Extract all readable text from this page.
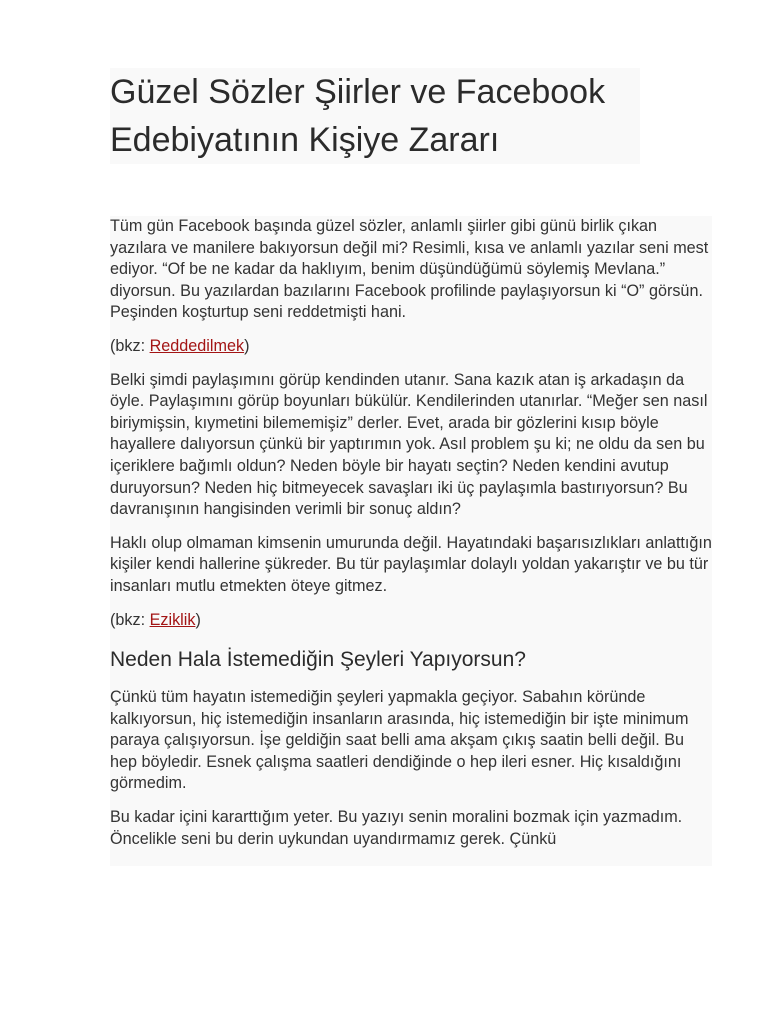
Güzel Sözler Şiirler ve Facebook Edebiyatının Kişiye Zararı

Tüm gün Facebook başında güzel sözler, anlamlı şiirler gibi günü birlik çıkan yazılara ve manilere bakıyorsun değil mi? Resimli, kısa ve anlamlı yazılar seni mest ediyor. “Of be ne kadar da haklıyım, benim düşündüğümü söylemiş Mevlana.” diyorsun. Bu yazılardan bazılarını Facebook profilinde paylaşıyorsun ki “O” görsün. Peşinden koşturtup seni reddetmişti hani.

(bkz: Reddedilmek)

Belki şimdi paylaşımını görüp kendinden utanır. Sana kazık atan iş arkadaşın da öyle. Paylaşımını görüp boyunları bükülür. Kendilerinden utanırlar. “Meğer sen nasıl biriymişsin, kıymetini bilememişiz” derler. Evet, arada bir gözlerini kısıp böyle hayallere dalıyorsun çünkü bir yaptırımın yok. Asıl problem şu ki; ne oldu da sen bu içeriklere bağımlı oldun? Neden böyle bir hayatı seçtin? Neden kendini avutup duruyorsun? Neden hiç bitmeyecek savaşları iki üç paylaşımla bastırıyorsun? Bu davranışının hangisinden verimli bir sonuç aldın?

Haklı olup olmaman kimsenin umurunda değil. Hayatındaki başarısızlıkları anlattığın kişiler kendi hallerine şükreder. Bu tür paylaşımlar dolaylı yoldan yakarıştır ve bu tür insanları mutlu etmekten öteye gitmez.

(bkz: Eziklik)

Neden Hala İstemediğin Şeyleri Yapıyorsun?

Çünkü tüm hayatın istemediğin şeyleri yapmakla geçiyor. Sabahın köründe kalkıyorsun, hiç istemediğin insanların arasında, hiç istemediğin bir işte minimum paraya çalışıyorsun. İşe geldiğin saat belli ama akşam çıkış saatin belli değil. Bu hep böyledir. Esnek çalışma saatleri dendiğinde o hep ileri esner. Hiç kısaldığını görmedim.

Bu kadar içini kararttığım yeter. Bu yazıyı senin moralini bozmak için yazmadım. Öncelikle seni bu derin uykundan uyandırmamız gerek. Çünkü
